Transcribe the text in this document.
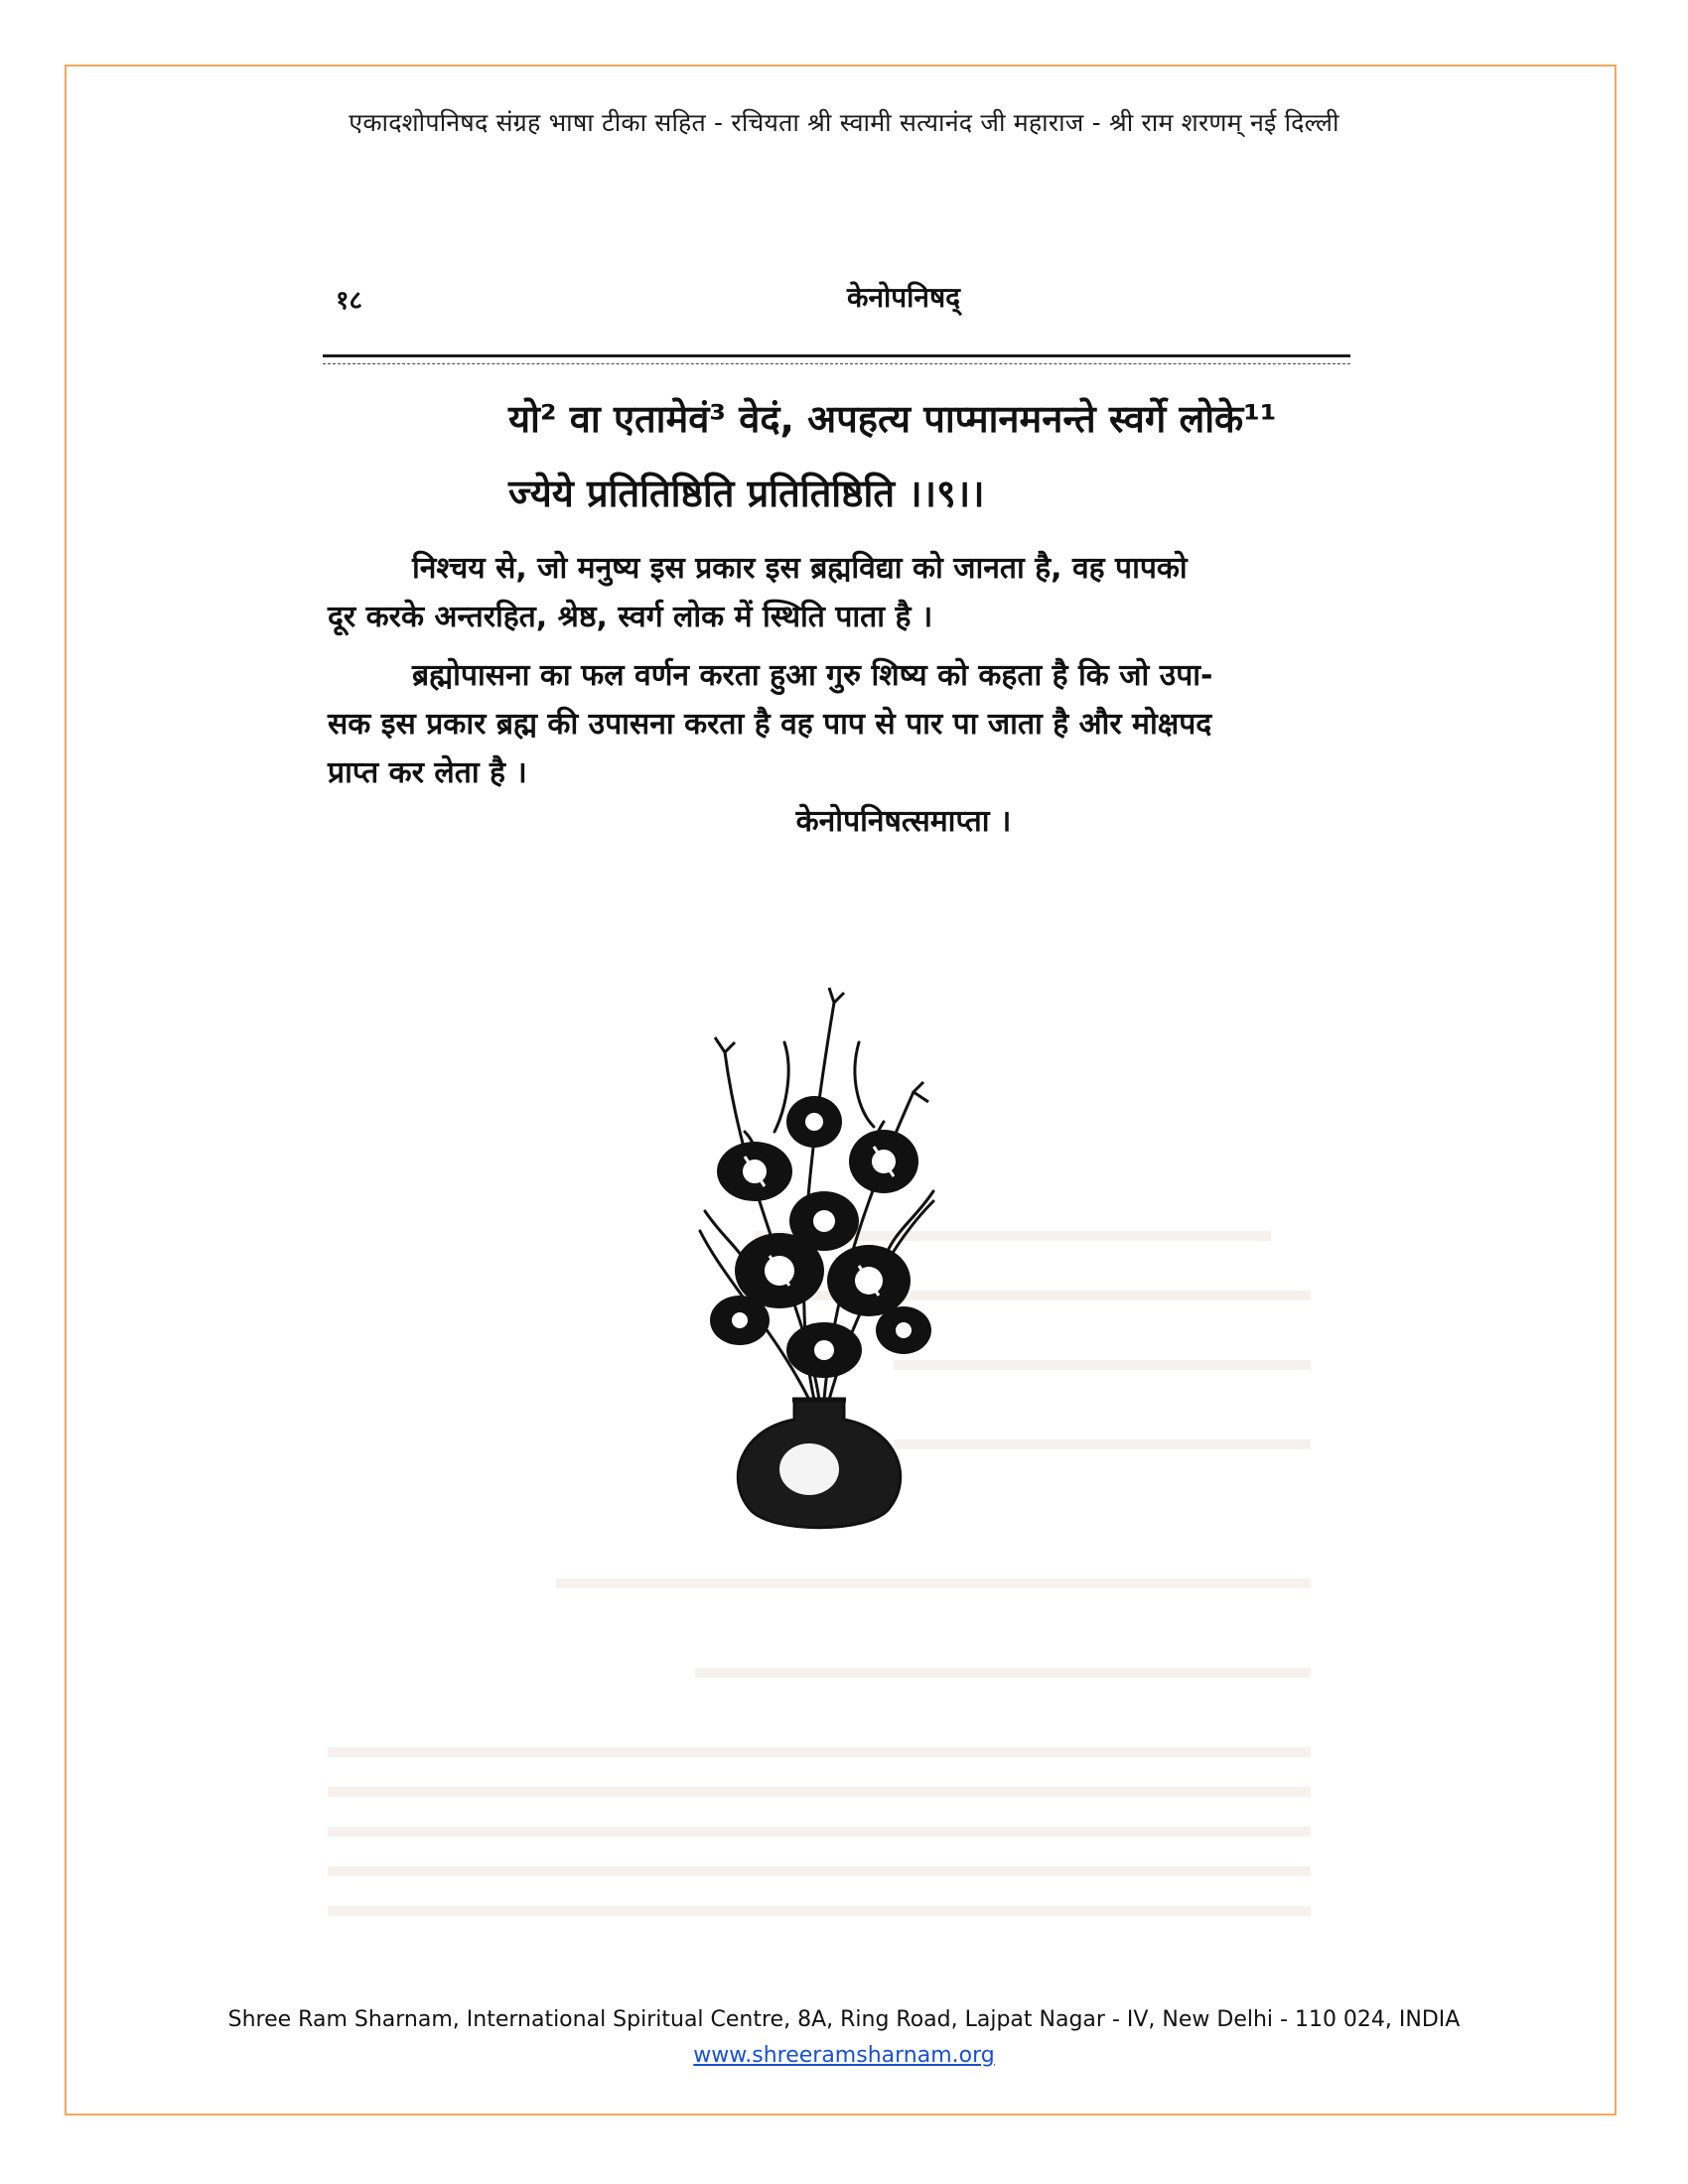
एकादशोपनिषद संग्रह भाषा टीका सहित - रचियता श्री स्वामी सत्यानंद जी महाराज - श्री राम शरणम् नई दिल्ली
१८	केनोपनिषद्
यो² वा एतामेवं³ वेदं, अपहत्य पाप्मानमनन्ते स्वर्गे लोके¹¹
ज्येये प्रतितिष्ठिति प्रतितिष्ठिति ।।९।।
निश्चय से, जो मनुष्य इस प्रकार इस ब्रह्मविद्या को जानता है, वह पापको
दूर करके अन्तरहित, श्रेष्ठ, स्वर्ग लोक में स्थिति पाता है ।
ब्रह्मोपासना का फल वर्णन करता हुआ गुरु शिष्य को कहता है कि जो उपा-
सक इस प्रकार ब्रह्म की उपासना करता है वह पाप से पार पा जाता है और मोक्षपद
प्राप्त कर लेता है ।
केनोपनिषत्समाप्ता ।
Shree Ram Sharnam, International Spiritual Centre, 8A, Ring Road, Lajpat Nagar - IV, New Delhi - 110 024, INDIA
www.shreeramsharnam.org
